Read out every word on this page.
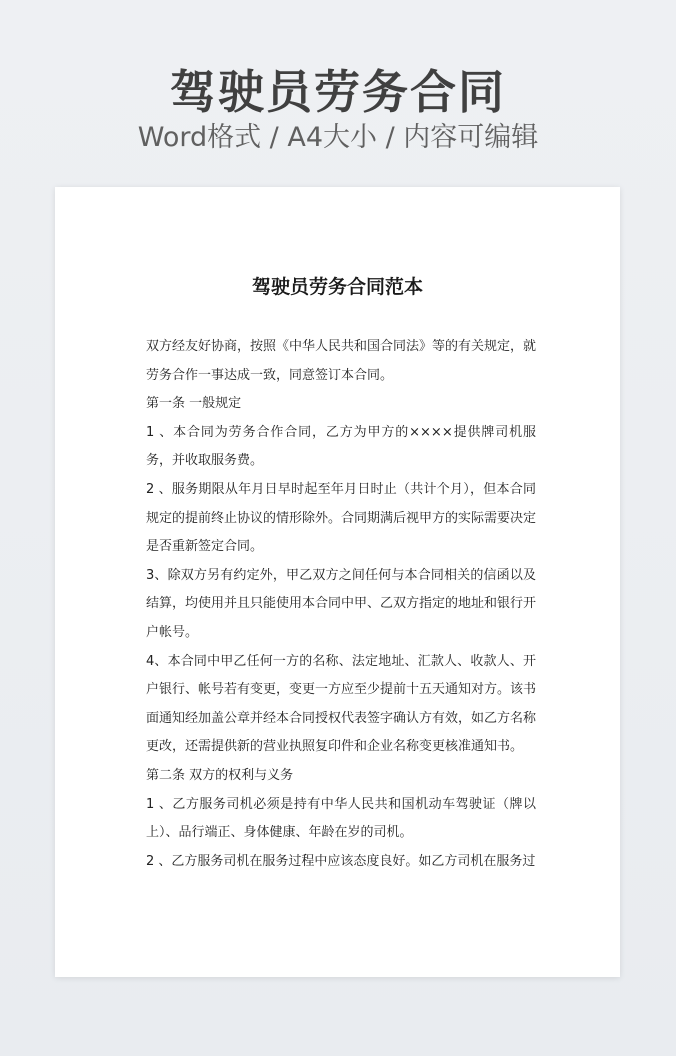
驾驶员劳务合同
Word格式 / A4大小 / 内容可编辑
驾驶员劳务合同范本

双方经友好协商，按照《中华人民共和国合同法》等的有关规定，就劳务合作一事达成一致，同意签订本合同。

第一条 一般规定

1 、本合同为劳务合作合同，乙方为甲方的××××提供牌司机服务，并收取服务费。

2 、服务期限从年月日早时起至年月日时止（共计个月），但本合同规定的提前终止协议的情形除外。合同期满后视甲方的实际需要决定是否重新签定合同。

3、除双方另有约定外，甲乙双方之间任何与本合同相关的信函以及结算，均使用并且只能使用本合同中甲、乙双方指定的地址和银行开户帐号。

4、本合同中甲乙任何一方的名称、法定地址、汇款人、收款人、开户银行、帐号若有变更，变更一方应至少提前十五天通知对方。该书面通知经加盖公章并经本合同授权代表签字确认方有效，如乙方名称更改，还需提供新的营业执照复印件和企业名称变更核准通知书。

第二条 双方的权利与义务

1 、乙方服务司机必须是持有中华人民共和国机动车驾驶证（牌以上）、品行端正、身体健康、年龄在岁的司机。

2 、乙方服务司机在服务过程中应该态度良好。如乙方司机在服务过
